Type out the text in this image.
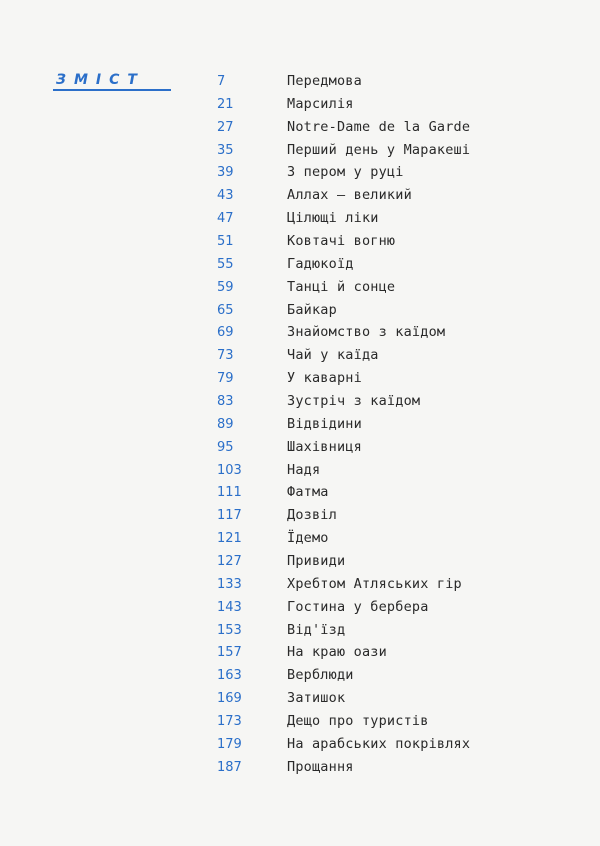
ЗМІСТ	7	Передмова
21	Марсилія
27	Notre-Dame de la Garde
35	Перший день у Маракеші
39	З пером у руці
43	Аллах – великий
47	Цілющі ліки
51	Ковтачі вогню
55	Гадюкоїд
59	Танці й сонце
65	Байкар
69	Знайомство з каїдом
73	Чай у каїда
79	У каварні
83	Зустріч з каїдом
89	Відвідини
95	Шахівниця
103	Надя
111	Фатма
117	Дозвіл
121	Їдемо
127	Привиди
133	Хребтом Атляських гір
143	Гостина у бербера
153	Від'їзд
157	На краю оази
163	Верблюди
169	Затишок
173	Дещо про туристів
179	На арабських покрівлях
187	Прощання
